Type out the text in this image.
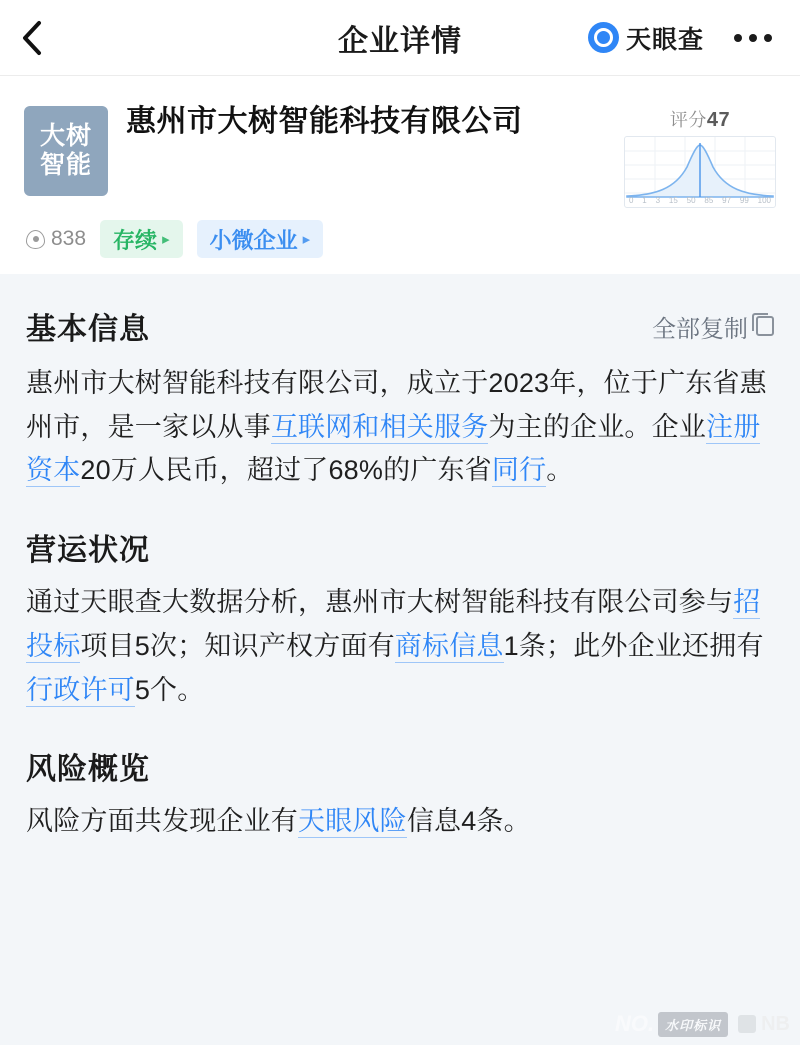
企业详情	天眼查
大树
智能
惠州市大树智能科技有限公司	评分47
0 1 3 15 50 85 97 99 100
838 存续 ▸ 小微企业 ▸
基本信息	全部复制
惠州市大树智能科技有限公司，成立于2023年，位于广东省惠州市，是一家以从事互联网和相关服务为主的企业。企业注册资本20万人民币，超过了68%的广东省同行。
营运状况
通过天眼查大数据分析，惠州市大树智能科技有限公司参与招投标项目5次；知识产权方面有商标信息1条；此外企业还拥有行政许可5个。
风险概览
风险方面共发现企业有天眼风险信息4条。
NO. 水印标识	NB
